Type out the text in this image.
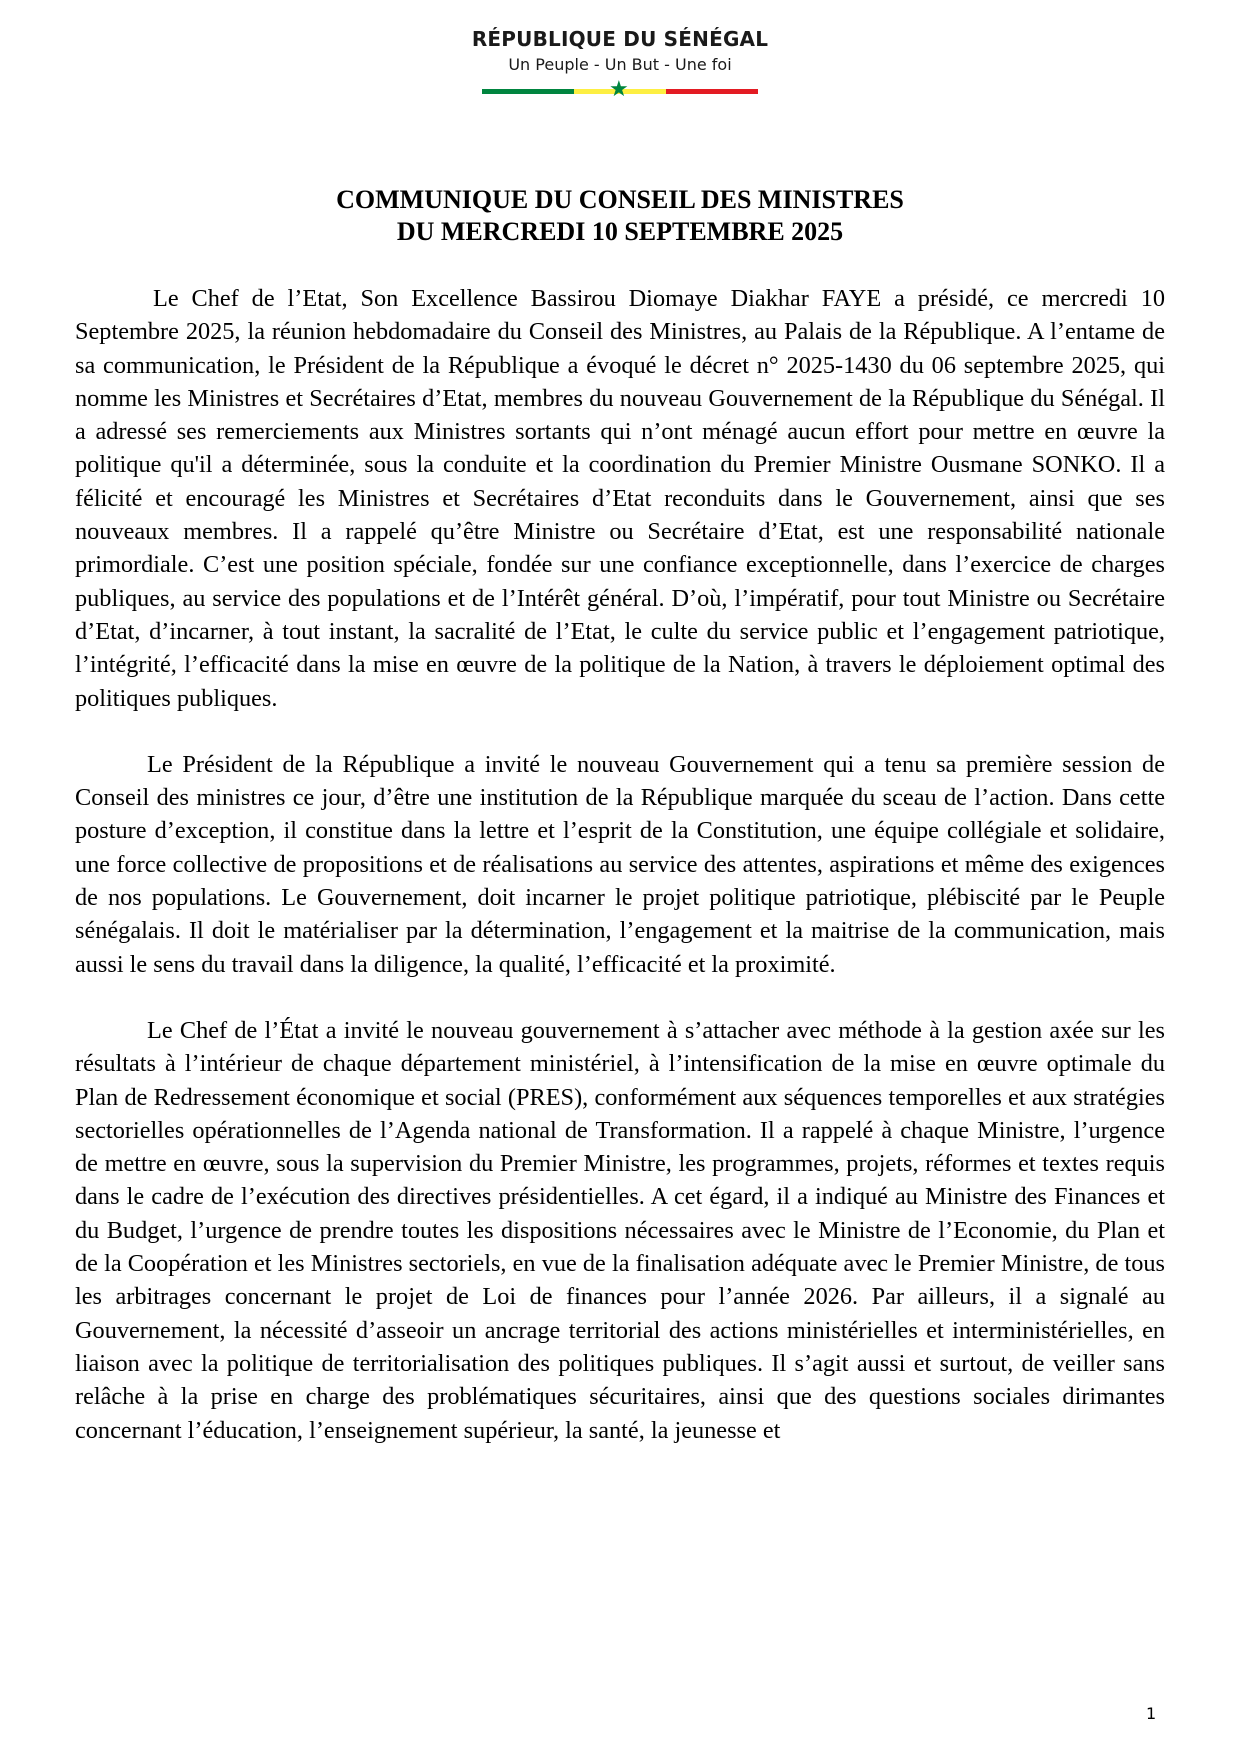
RÉPUBLIQUE DU SÉNÉGAL
Un Peuple - Un But - Une foi
★
COMMUNIQUE DU CONSEIL DES MINISTRES
DU MERCREDI 10 SEPTEMBRE 2025

Le Chef de l’Etat, Son Excellence Bassirou Diomaye Diakhar FAYE a présidé, ce mercredi 10 Septembre 2025, la réunion hebdomadaire du Conseil des Ministres, au Palais de la République. A l’entame de sa communication, le Président de la République a évoqué le décret n° 2025-1430 du 06 septembre 2025, qui nomme les Ministres et Secrétaires d’Etat, membres du nouveau Gouvernement de la République du Sénégal. Il a adressé ses remerciements aux Ministres sortants qui n’ont ménagé aucun effort pour mettre en œuvre la politique qu'il a déterminée, sous la conduite et la coordination du Premier Ministre Ousmane SONKO. Il a félicité et encouragé les Ministres et Secrétaires d’Etat reconduits dans le Gouvernement, ainsi que ses nouveaux membres. Il a rappelé qu’être Ministre ou Secrétaire d’Etat, est une responsabilité nationale primordiale. C’est une position spéciale, fondée sur une confiance exceptionnelle, dans l’exercice de charges publiques, au service des populations et de l’Intérêt général. D’où, l’impératif, pour tout Ministre ou Secrétaire d’Etat, d’incarner, à tout instant, la sacralité de l’Etat, le culte du service public et l’engagement patriotique, l’intégrité, l’efficacité dans la mise en œuvre de la politique de la Nation, à travers le déploiement optimal des politiques publiques.

Le Président de la République a invité le nouveau Gouvernement qui a tenu sa première session de Conseil des ministres ce jour, d’être une institution de la République marquée du sceau de l’action. Dans cette posture d’exception, il constitue dans la lettre et l’esprit de la Constitution, une équipe collégiale et solidaire, une force collective de propositions et de réalisations au service des attentes, aspirations et même des exigences de nos populations. Le Gouvernement, doit incarner le projet politique patriotique, plébiscité par le Peuple sénégalais. Il doit le matérialiser par la détermination, l’engagement et la maitrise de la communication, mais aussi le sens du travail dans la diligence, la qualité, l’efficacité et la proximité.

Le Chef de l’État a invité le nouveau gouvernement à s’attacher avec méthode à la gestion axée sur les résultats à l’intérieur de chaque département ministériel, à l’intensification de la mise en œuvre optimale du Plan de Redressement économique et social (PRES), conformément aux séquences temporelles et aux stratégies sectorielles opérationnelles de l’Agenda national de Transformation. Il a rappelé à chaque Ministre, l’urgence de mettre en œuvre, sous la supervision du Premier Ministre, les programmes, projets, réformes et textes requis dans le cadre de l’exécution des directives présidentielles. A cet égard, il a indiqué au Ministre des Finances et du Budget, l’urgence de prendre toutes les dispositions nécessaires avec le Ministre de l’Economie, du Plan et de la Coopération et les Ministres sectoriels, en vue de la finalisation adéquate avec le Premier Ministre, de tous les arbitrages concernant le projet de Loi de finances pour l’année 2026. Par ailleurs, il a signalé au Gouvernement, la nécessité d’asseoir un ancrage territorial des actions ministérielles et interministérielles, en liaison avec la politique de territorialisation des politiques publiques. Il s’agit aussi et surtout, de veiller sans relâche à la prise en charge des problématiques sécuritaires, ainsi que des questions sociales dirimantes concernant l’éducation, l’enseignement supérieur, la santé, la jeunesse et

1
